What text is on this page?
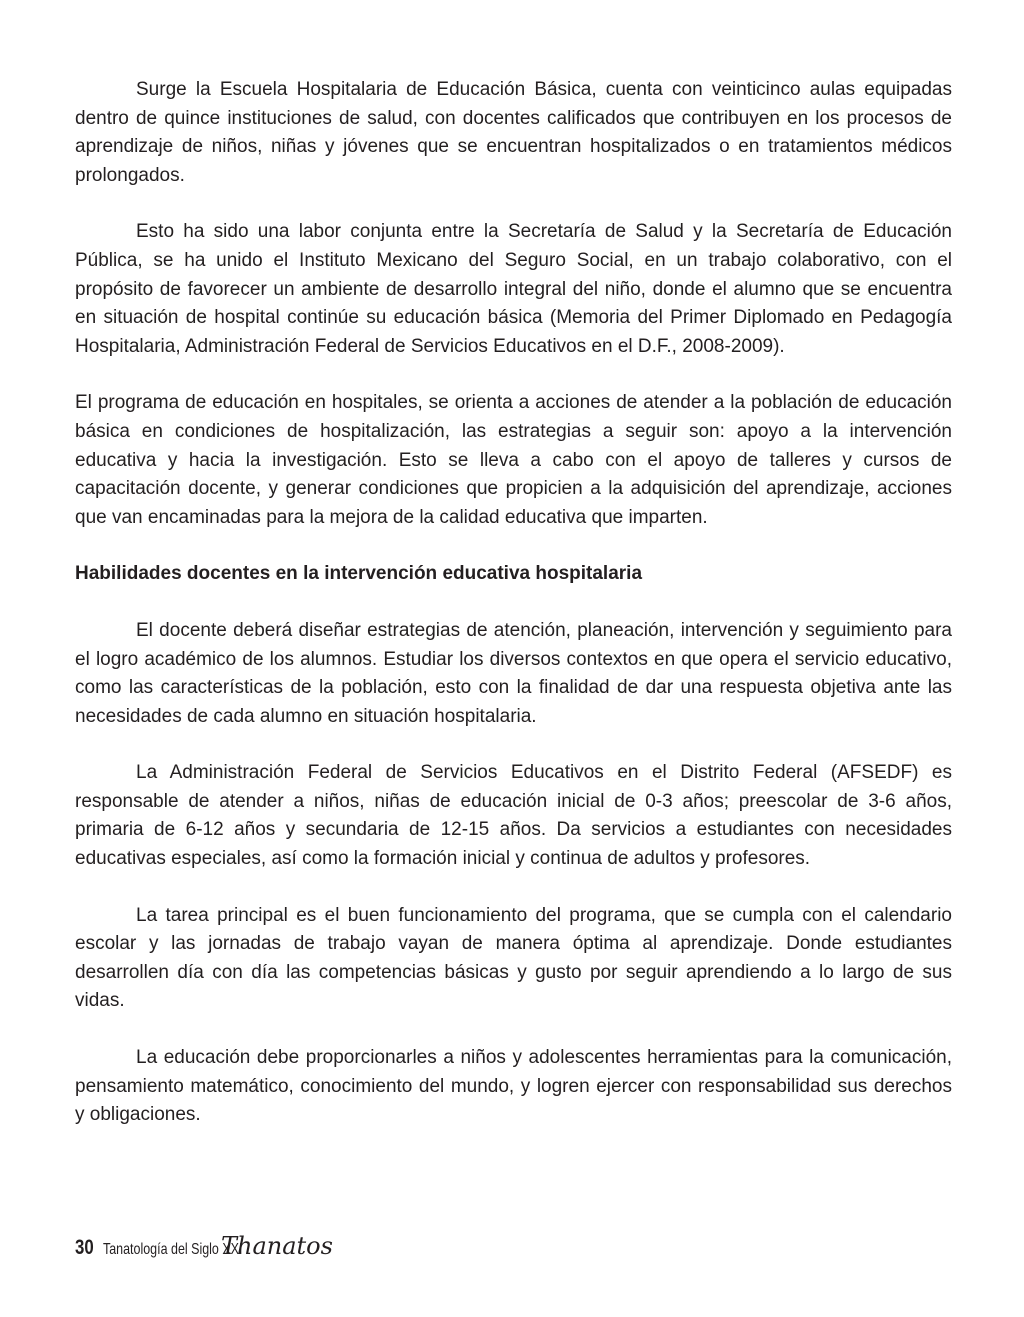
Surge la Escuela Hospitalaria de Educación Básica, cuenta con veinticinco aulas equipadas dentro de quince instituciones de salud, con docentes calificados que contribuyen en los procesos de aprendizaje de niños, niñas y jóvenes que se encuentran hospitalizados o en tratamientos médicos prolongados.

Esto ha sido una labor conjunta entre la Secretaría de Salud y la Secretaría de Educación Pública, se ha unido el Instituto Mexicano del Seguro Social, en un trabajo colaborativo, con el propósito de favorecer un ambiente de desarrollo integral del niño, donde el alumno que se encuentra en situación de hospital continúe su educación básica (Memoria del Primer Diplomado en Pedagogía Hospitalaria, Administración Federal de Servicios Educativos en el D.F., 2008-2009).

El programa de educación en hospitales, se orienta a acciones de atender a la población de educación básica en condiciones de hospitalización, las estrategias a seguir son: apoyo a la intervención educativa y hacia la investigación. Esto se lleva a cabo con el apoyo de talleres y cursos de capacitación docente, y generar condiciones que propicien a la adquisición del aprendizaje, acciones que van encaminadas para la mejora de la calidad educativa que imparten.

Habilidades docentes en la intervención educativa hospitalaria

El docente deberá diseñar estrategias de atención, planeación, intervención y seguimiento para el logro académico de los alumnos. Estudiar los diversos contextos en que opera el servicio educativo, como las características de la población, esto con la finalidad de dar una respuesta objetiva ante las necesidades de cada alumno en situación hospitalaria.

La Administración Federal de Servicios Educativos en el Distrito Federal (AFSEDF) es responsable de atender a niños, niñas de educación inicial de 0-3 años; preescolar de 3-6 años, primaria de 6-12 años y secundaria de 12-15 años. Da servicios a estudiantes con necesidades educativas especiales, así como la formación inicial y continua de adultos y profesores.

La tarea principal es el buen funcionamiento del programa, que se cumpla con el calendario escolar y las jornadas de trabajo vayan de manera óptima al aprendizaje. Donde estudiantes desarrollen día con día las competencias básicas y gusto por seguir aprendiendo a lo largo de sus vidas.

La educación debe proporcionarles a niños y adolescentes herramientas para la comunicación, pensamiento matemático, conocimiento del mundo, y logren ejercer con responsabilidad sus derechos y obligaciones.

30 Tanatología del Siglo XXI
Thanatos
